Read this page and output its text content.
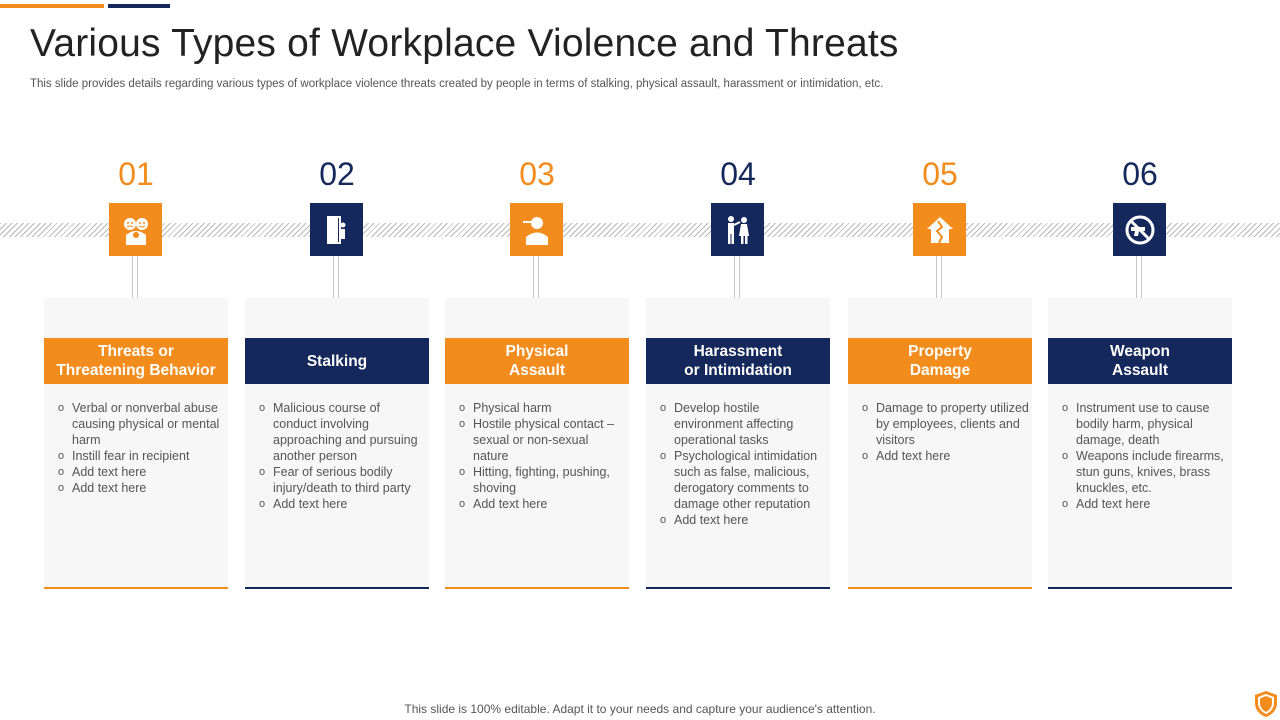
Various Types of Workplace Violence and Threats
This slide provides details regarding various types of workplace violence threats created by people in terms of stalking, physical assault, harassment or intimidation, etc.
01
Threats or
Threatening Behavior
o Verbal or nonverbal abuse causing physical or mental harm
o Instill fear in recipient
o Add text here
o Add text here
02
Stalking

o Malicious course of conduct involving approaching and pursuing another person
o Fear of serious bodily injury/death to third party
o Add text here
03
Physical
Assault
o Physical harm
o Hostile physical contact – sexual or non-sexual nature
o Hitting, fighting, pushing, shoving
o Add text here
04
Harassment
or Intimidation
o Develop hostile environment affecting operational tasks
o Psychological intimidation such as false, malicious, derogatory comments to damage other reputation
o Add text here
05
Property
Damage
o Damage to property utilized by employees, clients and visitors
o Add text here
06
Weapon
Assault
o Instrument use to cause bodily harm, physical damage, death
o Weapons include firearms, stun guns, knives, brass knuckles, etc.
o Add text here
This slide is 100% editable. Adapt it to your needs and capture your audience's attention.
